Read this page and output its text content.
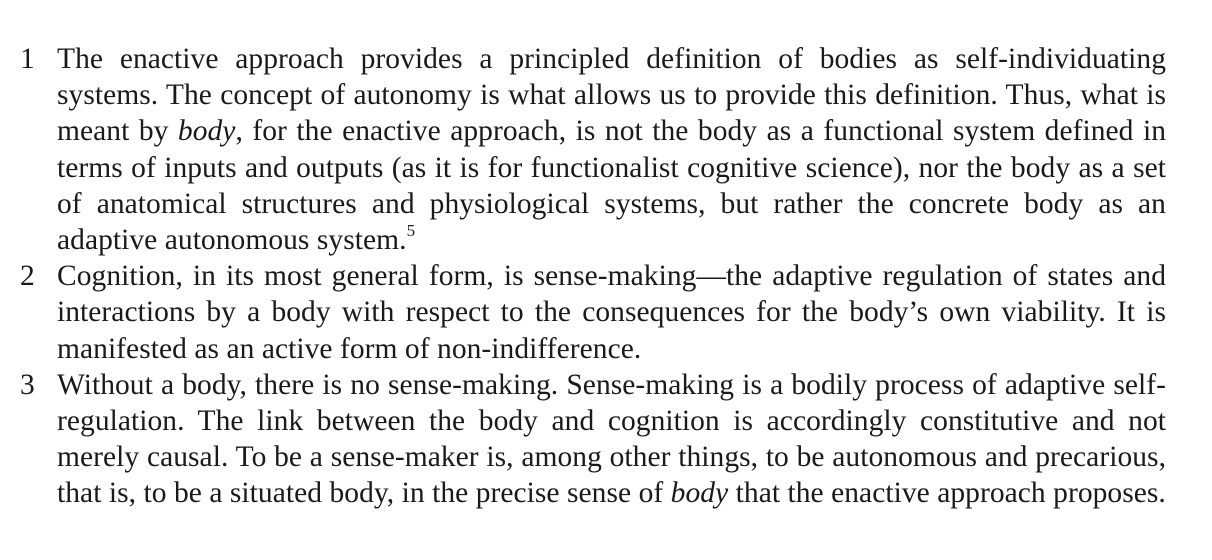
1 The enactive approach provides a principled definition of bodies as self-individuating systems. The concept of autonomy is what allows us to provide this definition. Thus, what is meant by body, for the enactive approach, is not the body as a functional system defined in terms of inputs and outputs (as it is for functionalist cognitive science), nor the body as a set of anatomical structures and physiological systems, but rather the concrete body as an adaptive autonomous system.$^5$
2 Cognition, in its most general form, is sense-making—the adaptive regulation of states and interactions by a body with respect to the consequences for the body’s own viability. It is manifested as an active form of non-indifference.
3 Without a body, there is no sense-making. Sense-making is a bodily process of adaptive self-regulation. The link between the body and cognition is accordingly constitutive and not merely causal. To be a sense-maker is, among other things, to be autonomous and precarious, that is, to be a situated body, in the precise sense of body that the enactive approach proposes.
